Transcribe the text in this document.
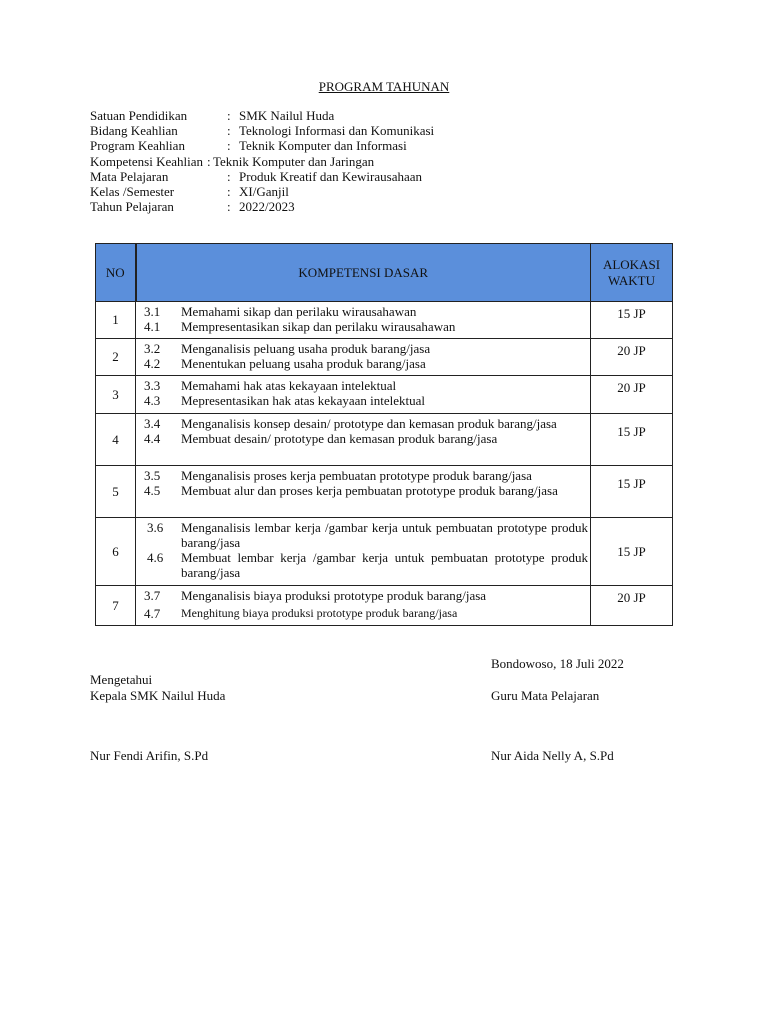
PROGRAM TAHUNAN
Satuan Pendidikan	: SMK Nailul Huda
Bidang Keahlian	: Teknologi Informasi dan Komunikasi
Program Keahlian	: Teknik Komputer dan Informasi
Kompetensi Keahlian : Teknik Komputer dan Jaringan
Mata Pelajaran	: Produk Kreatif dan Kewirausahaan
Kelas /Semester	: XI/Ganjil
Tahun Pelajaran	: 2022/2023
NO	KOMPETENSI DASAR	ALOKASI
WAKTU

1	3.1 Memahami sikap dan perilaku wirausahawan
4.1 Mempresentasikan sikap dan perilaku wirausahawan	15 JP
2	3.2 Menganalisis peluang usaha produk barang/jasa
4.2 Menentukan peluang usaha produk barang/jasa	20 JP
3	3.3 Memahami hak atas kekayaan intelektual
4.3 Mepresentasikan hak atas kekayaan intelektual	20 JP
4	3.4 Menganalisis konsep desain/ prototype dan kemasan produk barang/jasa
4.4 Membuat desain/ prototype dan kemasan produk barang/jasa	15 JP
5	3.5 Menganalisis proses kerja pembuatan prototype produk barang/jasa
4.5 Membuat alur dan proses kerja pembuatan prototype produk barang/jasa	15 JP
6	3.6 Menganalisis lembar kerja /gambar kerja untuk pembuatan prototype produk barang/jasa
4.6 Membuat lembar kerja /gambar kerja untuk pembuatan prototype produk barang/jasa	15 JP
7	3.7 Menganalisis biaya produksi prototype produk barang/jasa
4.7 Menghitung biaya produksi prototype produk barang/jasa	20 JP
Bondowoso, 18 Juli 2022
Mengetahui
Kepala SMK Nailul Huda	Guru Mata Pelajaran
Nur Fendi Arifin, S.Pd	Nur Aida Nelly A, S.Pd
